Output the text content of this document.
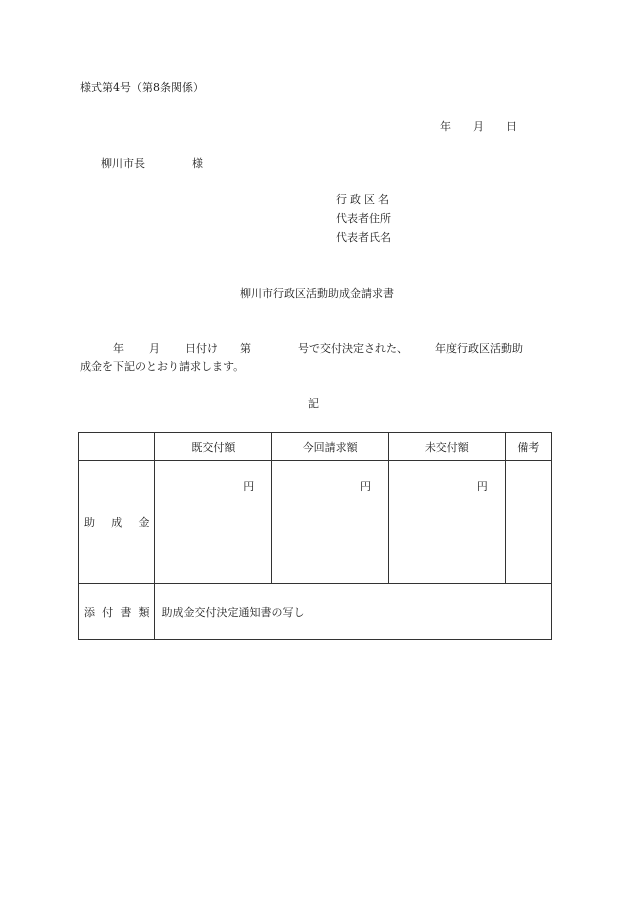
様式第4号（第8条関係）
年 月 日
柳川市長	様
行政区名
代表者住所
代表者氏名
柳川市行政区活動助成金請求書
年 月 日付け 第	号で交付決定された、 年度行政区活動助
成金を下記のとおり請求します。
記
	既交付額	今回請求額	未交付額	備考
助成金	円	円	円	
添付書類	助成金交付決定通知書の写し			
